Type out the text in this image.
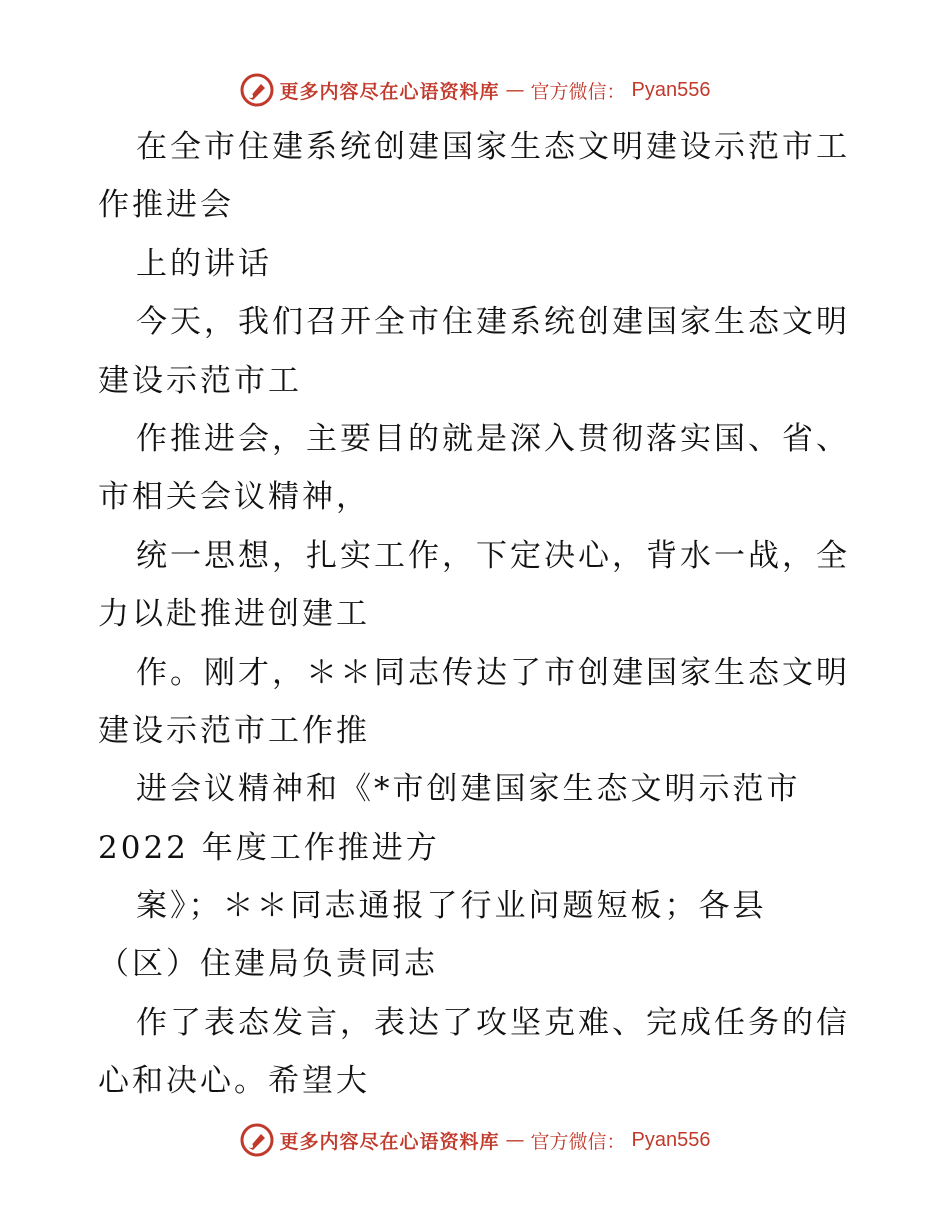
更多内容尽在心语资料库 — 官方微信： Pyan556
在全市住建系统创建国家生态文明建设示范市工
作推进会
上的讲话
今天，我们召开全市住建系统创建国家生态文明
建设示范市工
作推进会，主要目的就是深入贯彻落实国、省、
市相关会议精神，
统一思想，扎实工作，下定决心，背水一战，全
力以赴推进创建工
作。刚才，＊＊同志传达了市创建国家生态文明
建设示范市工作推
进会议精神和《*市创建国家生态文明示范市
2022 年度工作推进方
案》；＊＊同志通报了行业问题短板；各县
（区）住建局负责同志
作了表态发言，表达了攻坚克难、完成任务的信
心和决心。希望大
更多内容尽在心语资料库 — 官方微信： Pyan556
